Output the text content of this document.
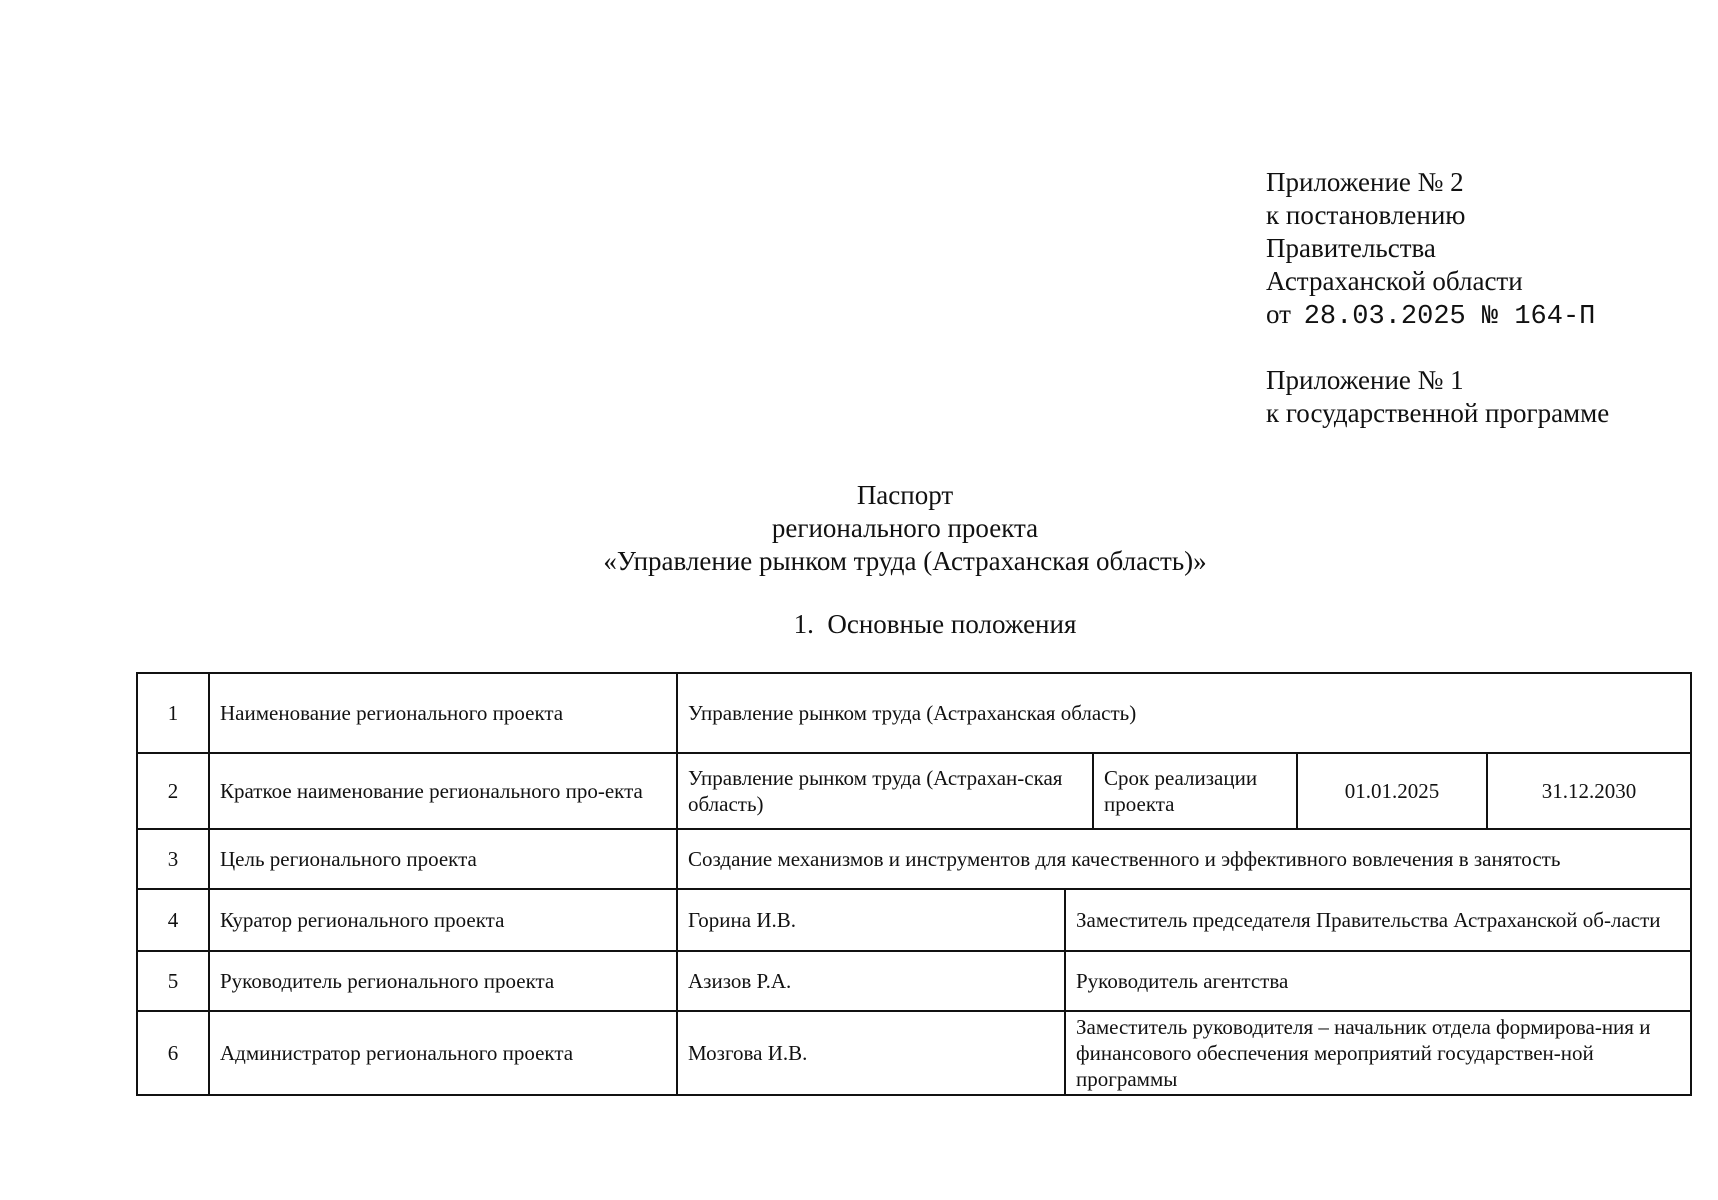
Приложение № 2
к постановлению
Правительства
Астраханской области
от 28.03.2025 № 164-П
Приложение № 1
к государственной программе
Паспорт
регионального проекта
«Управление рынком труда (Астраханская область)»
1. Основные положения
1	Наименование регионального проекта	Управление рынком труда (Астраханская область)				
2	Краткое наименование регионального про-екта	Управление рынком труда (Астрахан-ская область)		Срок реализации проекта	01.01.2025	31.12.2030
3	Цель регионального проекта	Создание механизмов и инструментов для качественного и эффективного вовлечения в занятость				
4	Куратор регионального проекта	Горина И.В.	Заместитель председателя Правительства Астраханской об-ласти			
5	Руководитель регионального проекта	Азизов Р.А.	Руководитель агентства			
6	Администратор регионального проекта	Мозгова И.В.	Заместитель руководителя – начальник отдела формирова-ния и финансового обеспечения мероприятий государствен-ной программы			
